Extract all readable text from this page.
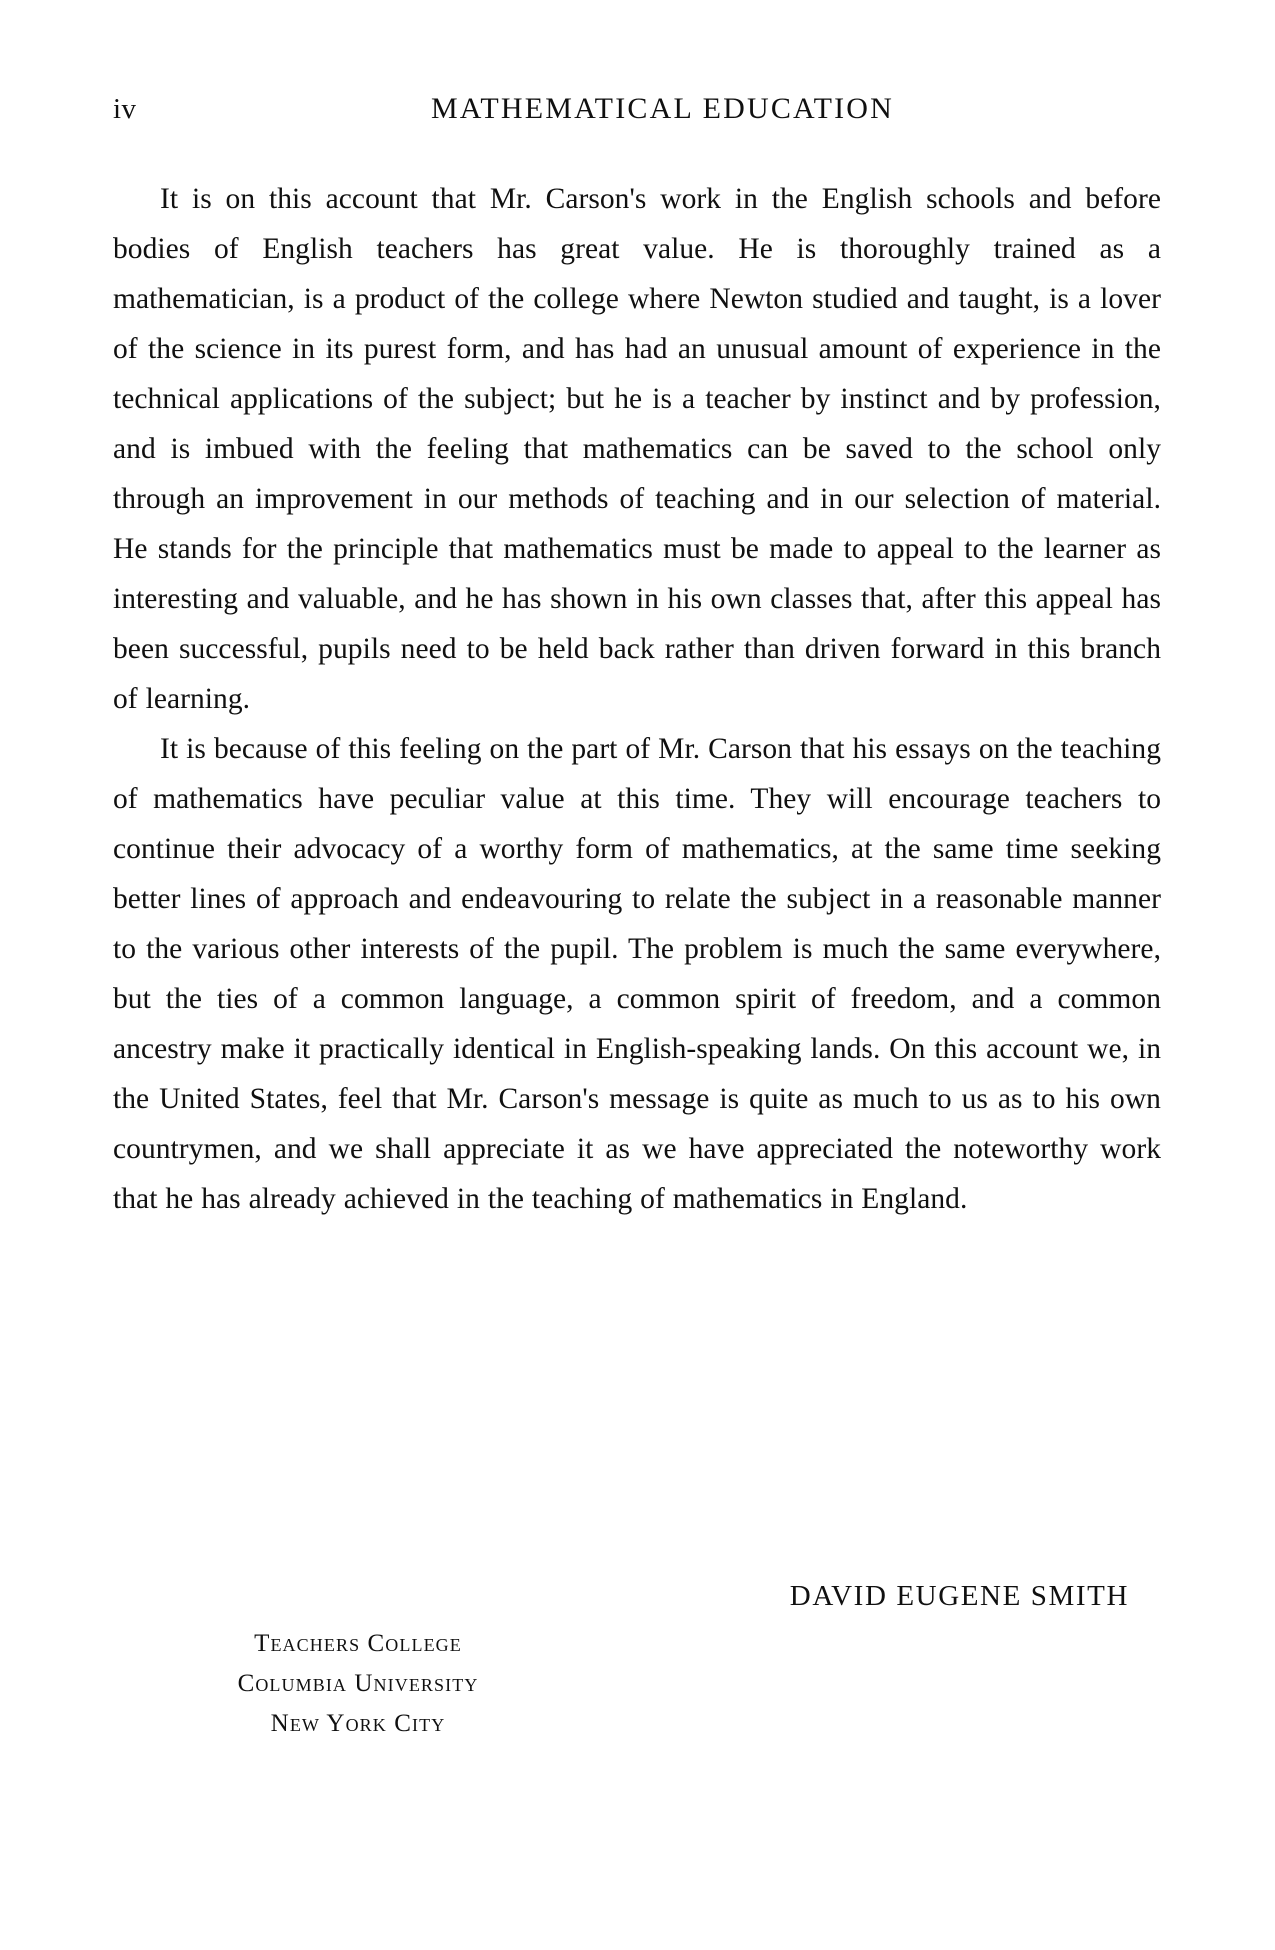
iv	MATHEMATICAL EDUCATION

It is on this account that Mr. Carson's work in the English schools and before bodies of English teachers has great value. He is thoroughly trained as a mathematician, is a product of the college where Newton studied and taught, is a lover of the science in its purest form, and has had an unusual amount of experience in the technical applications of the subject; but he is a teacher by instinct and by profession, and is imbued with the feeling that mathematics can be saved to the school only through an improvement in our methods of teaching and in our selection of material. He stands for the principle that mathematics must be made to appeal to the learner as interesting and valuable, and he has shown in his own classes that, after this appeal has been successful, pupils need to be held back rather than driven forward in this branch of learning.

It is because of this feeling on the part of Mr. Carson that his essays on the teaching of mathematics have peculiar value at this time. They will encourage teachers to continue their advocacy of a worthy form of mathematics, at the same time seeking better lines of approach and endeavouring to relate the subject in a reasonable manner to the various other interests of the pupil. The problem is much the same everywhere, but the ties of a common language, a common spirit of freedom, and a common ancestry make it practically identical in English-speaking lands. On this account we, in the United States, feel that Mr. Carson's message is quite as much to us as to his own countrymen, and we shall appreciate it as we have appreciated the noteworthy work that he has already achieved in the teaching of mathematics in England.

DAVID EUGENE SMITH
Teachers College
Columbia University
New York City
